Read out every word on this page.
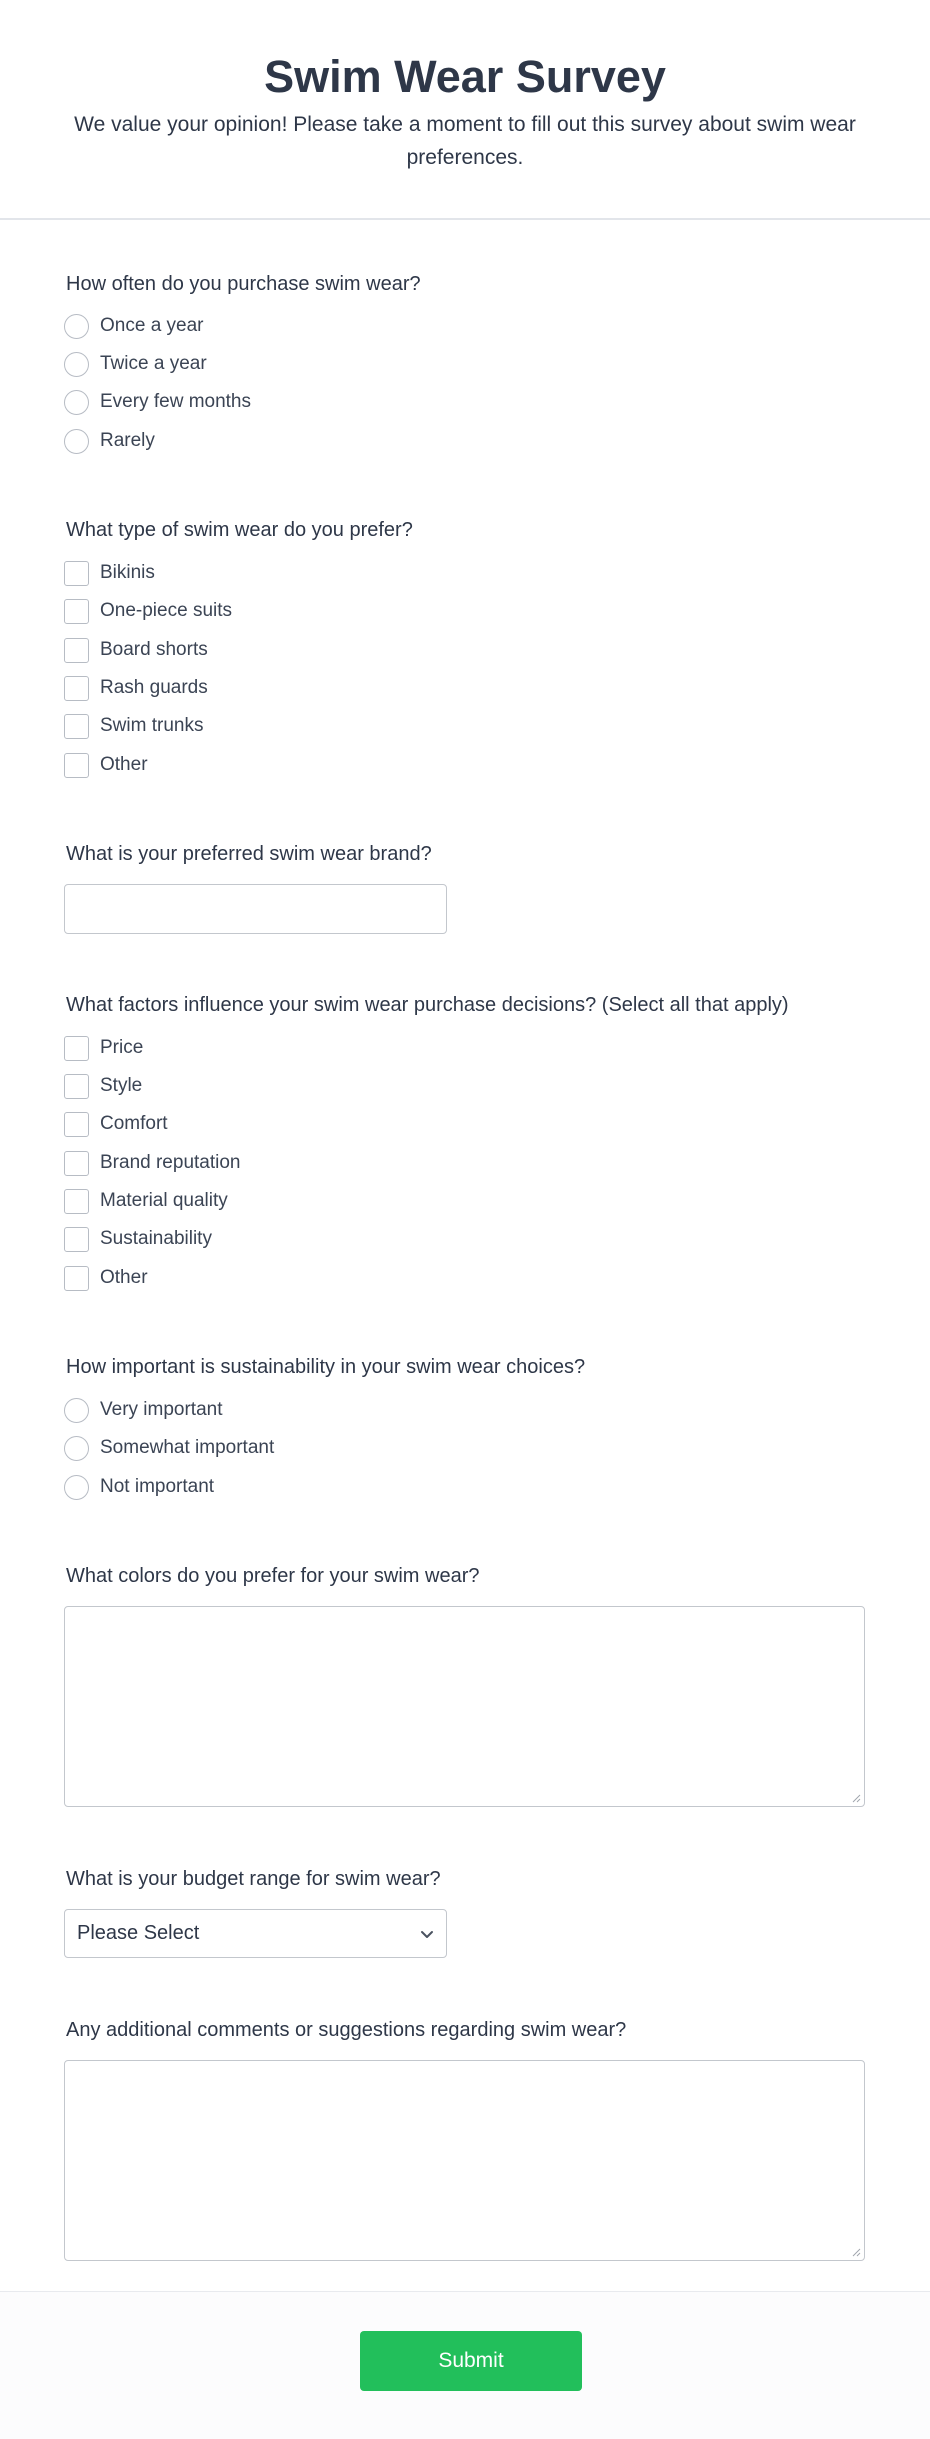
Swim Wear Survey

We value your opinion! Please take a moment to fill out this survey about swim wear preferences.

How often do you purchase swim wear?
Once a year
Twice a year
Every few months
Rarely
What type of swim wear do you prefer?
Bikinis
One-piece suits
Board shorts
Rash guards
Swim trunks
Other
What is your preferred swim wear brand?
What factors influence your swim wear purchase decisions? (Select all that apply)
Price
Style
Comfort
Brand reputation
Material quality
Sustainability
Other
How important is sustainability in your swim wear choices?
Very important
Somewhat important
Not important
What colors do you prefer for your swim wear?
What is your budget range for swim wear?
Please Select
Any additional comments or suggestions regarding swim wear?
Submit
